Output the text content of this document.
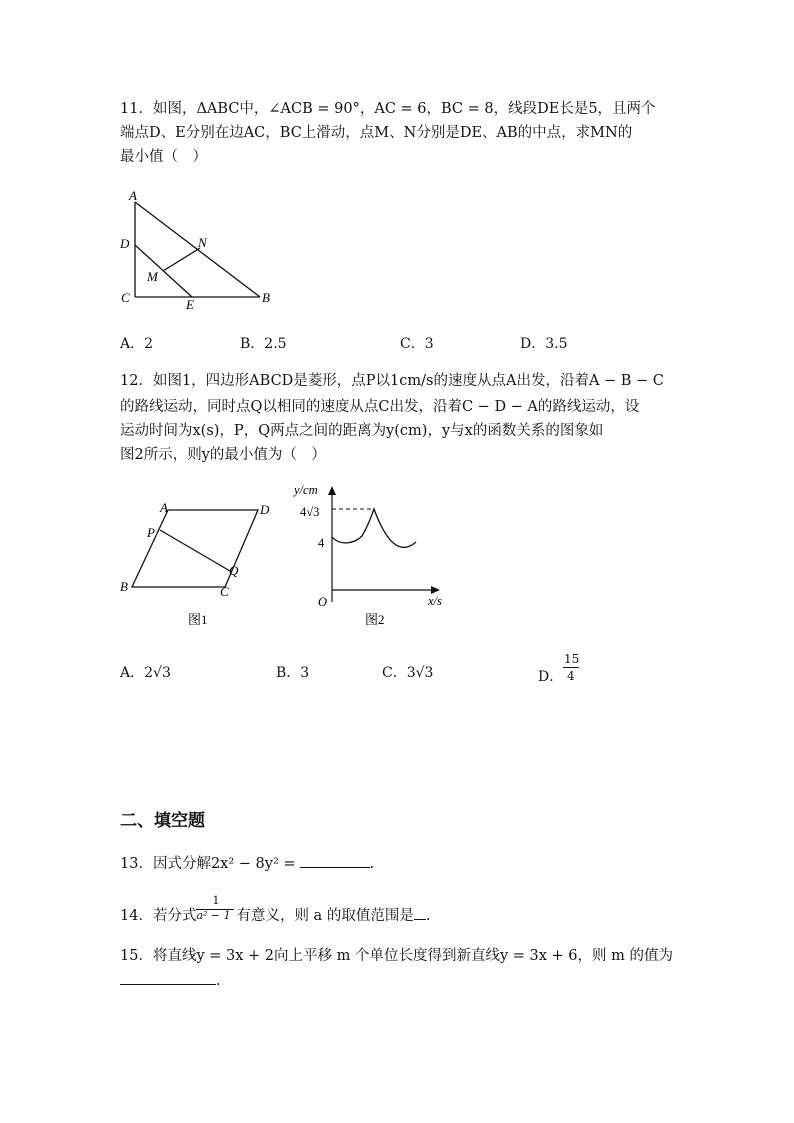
11．如图，ΔABC中，∠ACB = 90°，AC = 6，BC = 8，线段DE长是5，且两个
端点D、E分别在边AC，BC上滑动，点M、N分别是DE、AB的中点，求MN的
最小值（　）
A
D
C	E	B
N
M
A．2	B．2.5	C．3	D．3.5
12．如图1，四边形ABCD是菱形，点P以1cm/s的速度从点A出发，沿着A − B − C
的路线运动，同时点Q以相同的速度从点C出发，沿着C − D − A的路线运动，设
运动时间为x(s)，P，Q两点之间的距离为y(cm)，y与x的函数关系的图象如
图2所示，则y的最小值为（　）
A	D
P
Q
B	C
图1
y/cm
4√3
4
O	x/s
图2
A．2√3	B．3	C．3√3	D．
15
4
二、填空题
13．因式分解2x² − 8y² =	.
14．若分式 $\frac{1}{\text{a² − 1}}$ 有意义，则 a 的取值范围是 .
15．将直线y = 3x + 2向上平移 m 个单位长度得到新直线y = 3x + 6，则 m 的值为
.
